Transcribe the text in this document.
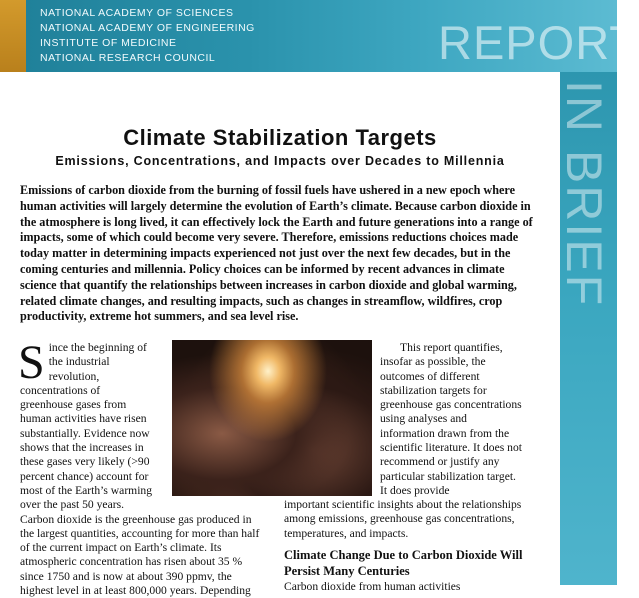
NATIONAL ACADEMY OF SCIENCES
NATIONAL ACADEMY OF ENGINEERING
INSTITUTE OF MEDICINE
NATIONAL RESEARCH COUNCIL	REPORT
IN BRIEF
Climate Stabilization Targets
Emissions, Concentrations, and Impacts over Decades to Millennia
Emissions of carbon dioxide from the burning of fossil fuels have ushered in a new epoch where human activities will largely determine the evolution of Earth’s climate. Because carbon dioxide in the atmosphere is long lived, it can effectively lock the Earth and future generations into a range of impacts, some of which could become very severe. Therefore, emissions reductions choices made today matter in determining impacts experienced not just over the next few decades, but in the coming centuries and millennia. Policy choices can be informed by recent advances in climate science that quantify the relationships between increases in carbon dioxide and global warming, related climate changes, and resulting impacts, such as changes in streamflow, wildfires, crop productivity, extreme hot summers, and sea level rise.
S ince the beginning of the industrial revolution, concentrations of greenhouse gases from human activities have risen substantially. Evidence now shows that the increases in these gases very likely (>90 percent chance) account for most of the Earth’s warming over the past 50 years.

Carbon dioxide is the greenhouse gas produced in the largest quantities, accounting for more than half of the current impact on Earth’s climate. Its atmospheric concentration has risen about 35 % since 1750 and is now at about 390 ppmv, the highest level in at least 800,000 years. Depending

This report quantifies, insofar as possible, the outcomes of different stabilization targets for greenhouse gas concentrations using analyses and information drawn from the scientific literature. It does not recommend or justify any particular stabilization target. It does provide

important scientific insights about the relationships among emissions, greenhouse gas concentrations, temperatures, and impacts.

Climate Change Due to Carbon Dioxide Will Persist Many Centuries
Carbon dioxide from human activities
